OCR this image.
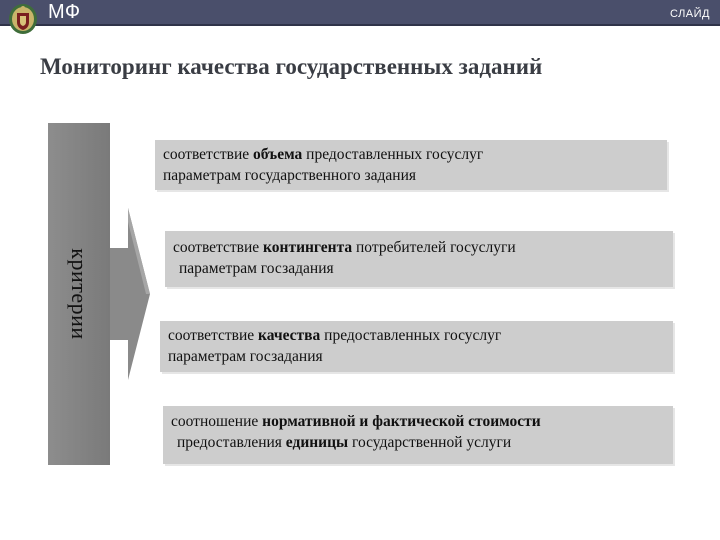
МФ	СЛАЙД
Мониторинг качества государственных заданий
критерии
соответствие объема предоставленных госуслуг
параметрам государственного задания
соответствие контингента потребителей госуслуги
параметрам госзадания
соответствие качества предоставленных госуслуг
параметрам госзадания
соотношение нормативной и фактической стоимости
предоставления единицы государственной услуги
